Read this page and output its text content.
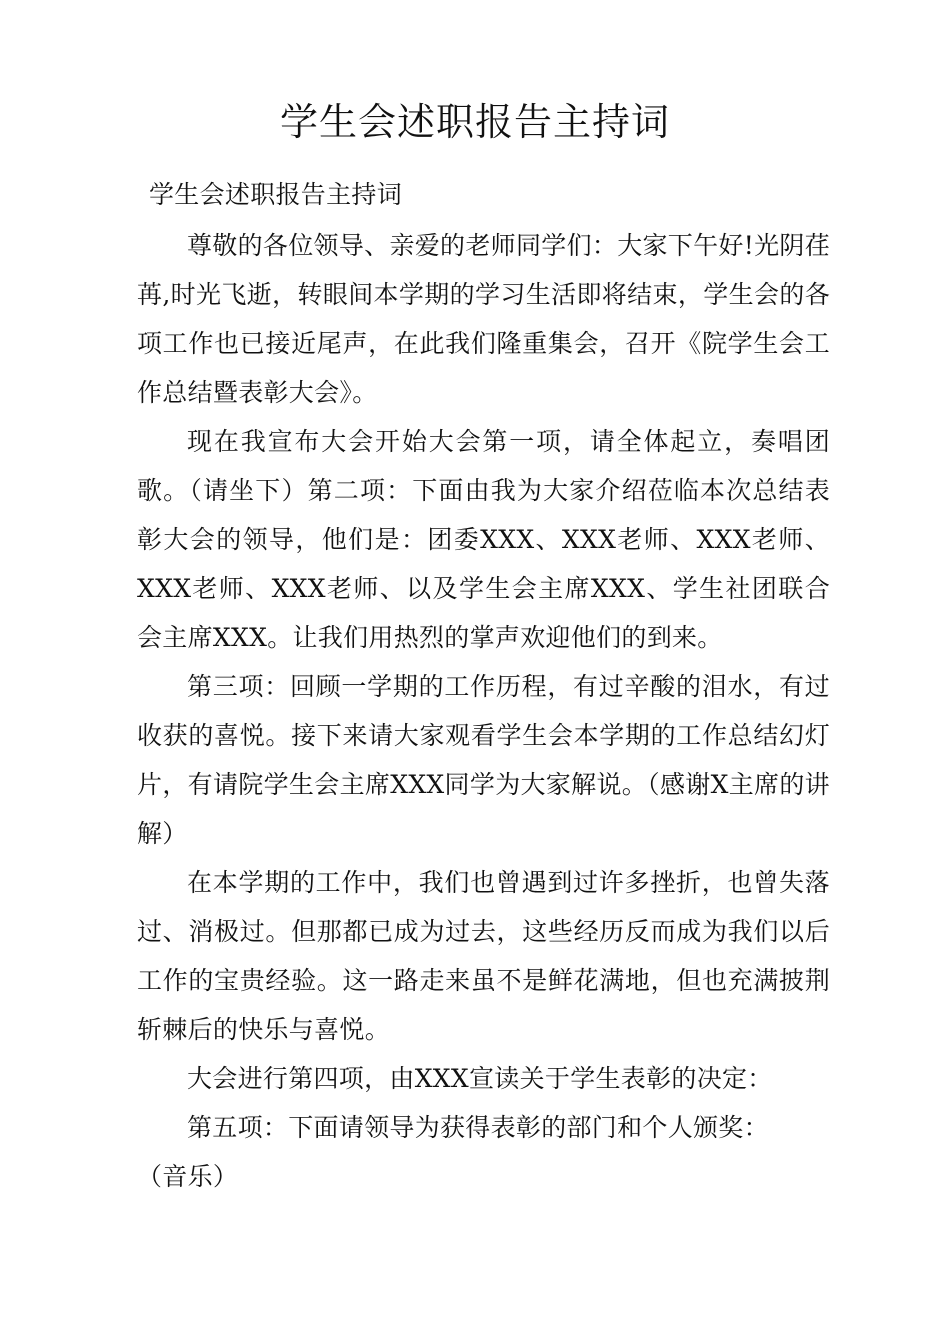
学生会述职报告主持词

学生会述职报告主持词

尊敬的各位领导、亲爱的老师同学们：大家下午好!光阴荏苒,时光飞逝，转眼间本学期的学习生活即将结束，学生会的各项工作也已接近尾声，在此我们隆重集会，召开《院学生会工作总结暨表彰大会》。

现在我宣布大会开始大会第一项，请全体起立，奏唱团歌。（请坐下）第二项：下面由我为大家介绍莅临本次总结表彰大会的领导，他们是：团委XXX、XXX老师、XXX老师、XXX老师、XXX老师、以及学生会主席XXX、学生社团联合会主席XXX。让我们用热烈的掌声欢迎他们的到来。

第三项：回顾一学期的工作历程，有过辛酸的泪水，有过收获的喜悦。接下来请大家观看学生会本学期的工作总结幻灯片，有请院学生会主席XXX同学为大家解说。（感谢X主席的讲解）

在本学期的工作中，我们也曾遇到过许多挫折，也曾失落过、消极过。但那都已成为过去，这些经历反而成为我们以后工作的宝贵经验。这一路走来虽不是鲜花满地，但也充满披荆斩棘后的快乐与喜悦。

大会进行第四项，由XXX宣读关于学生表彰的决定：

第五项：下面请领导为获得表彰的部门和个人颁奖：

（音乐）
